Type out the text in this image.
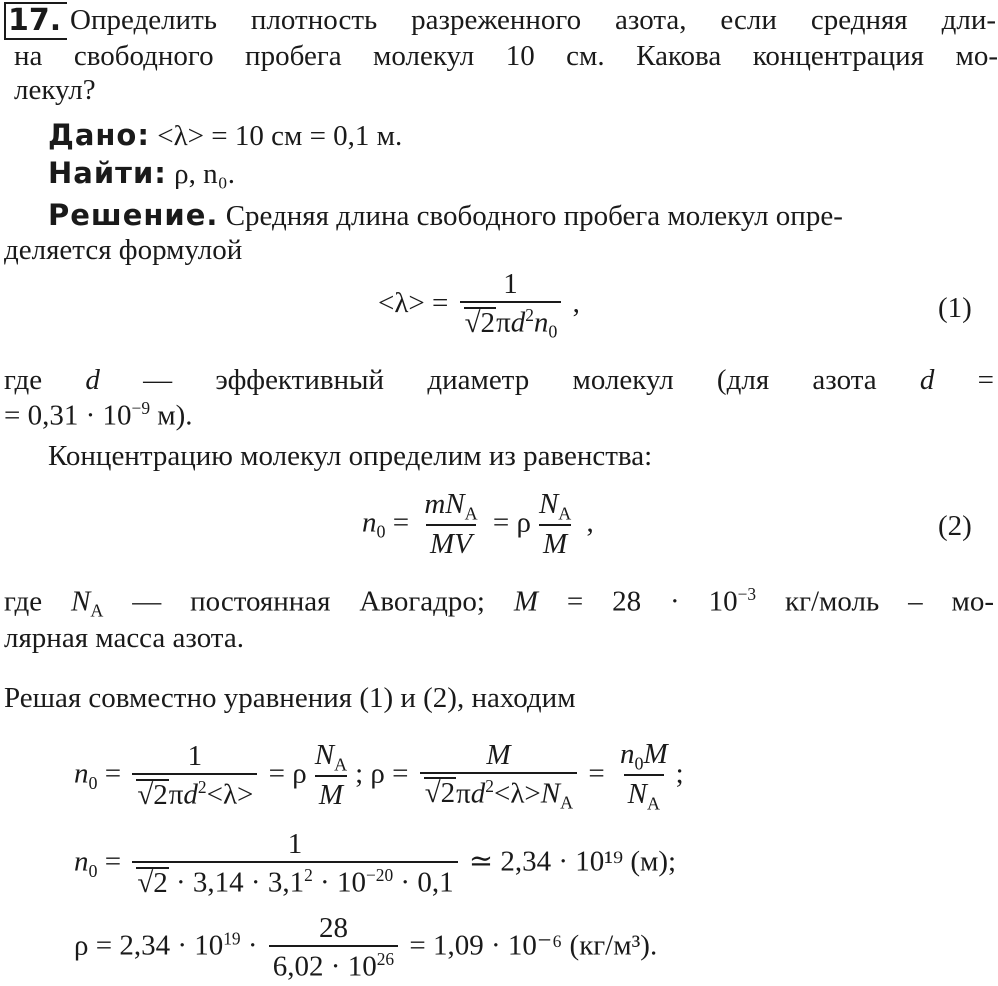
17. Определить плотность разреженного азота, если средняя дли-
на свободного пробега молекул 10 см. Какова концентрация мо-
лекул?
Дано: <λ> = 10 см = 0,1 м.
Найти: ρ, n₀.
Решение. Средняя длина свободного пробега молекул опре-
деляется формулой
$<\lambda> = \frac{1}{√2\pi d^2n_0}$ ,	(1)
где d — эффективный диаметр молекул (для азота d =
= $0,31 \cdot 10^{-9}$ м).
Концентрацию молекул определим из равенства:
$n_0 = \frac{mN_A}{MV} = \rho \frac{N_A}{M}$ ,	(2)
где $N_A$ — постоянная Авогадро; $M = 28 \cdot 10^{-3}$ кг/моль – мо-
лярная масса азота.
Решая совместно уравнения (1) и (2), находим
$n_0 = \frac{1}{√2\pi d^2<\lambda>} = \rho \frac{N_A}{M}$ ; $\rho = \frac{M}{√2\pi d^2<\lambda>N_A} = \frac{n_0M}{N_A}$ ;
$n_0 = \frac{1}{√2 \cdot 3,14 \cdot 3,1^2 \cdot 10^{-20} \cdot 0,1}$ ≃ 2,34 · 10¹⁹ (м);
$\rho = 2,34 \cdot 10^{19} \cdot \frac{28}{6,02 \cdot 10^{26}} = 1,09 \cdot 10^{-6}$ (кг/м³).
